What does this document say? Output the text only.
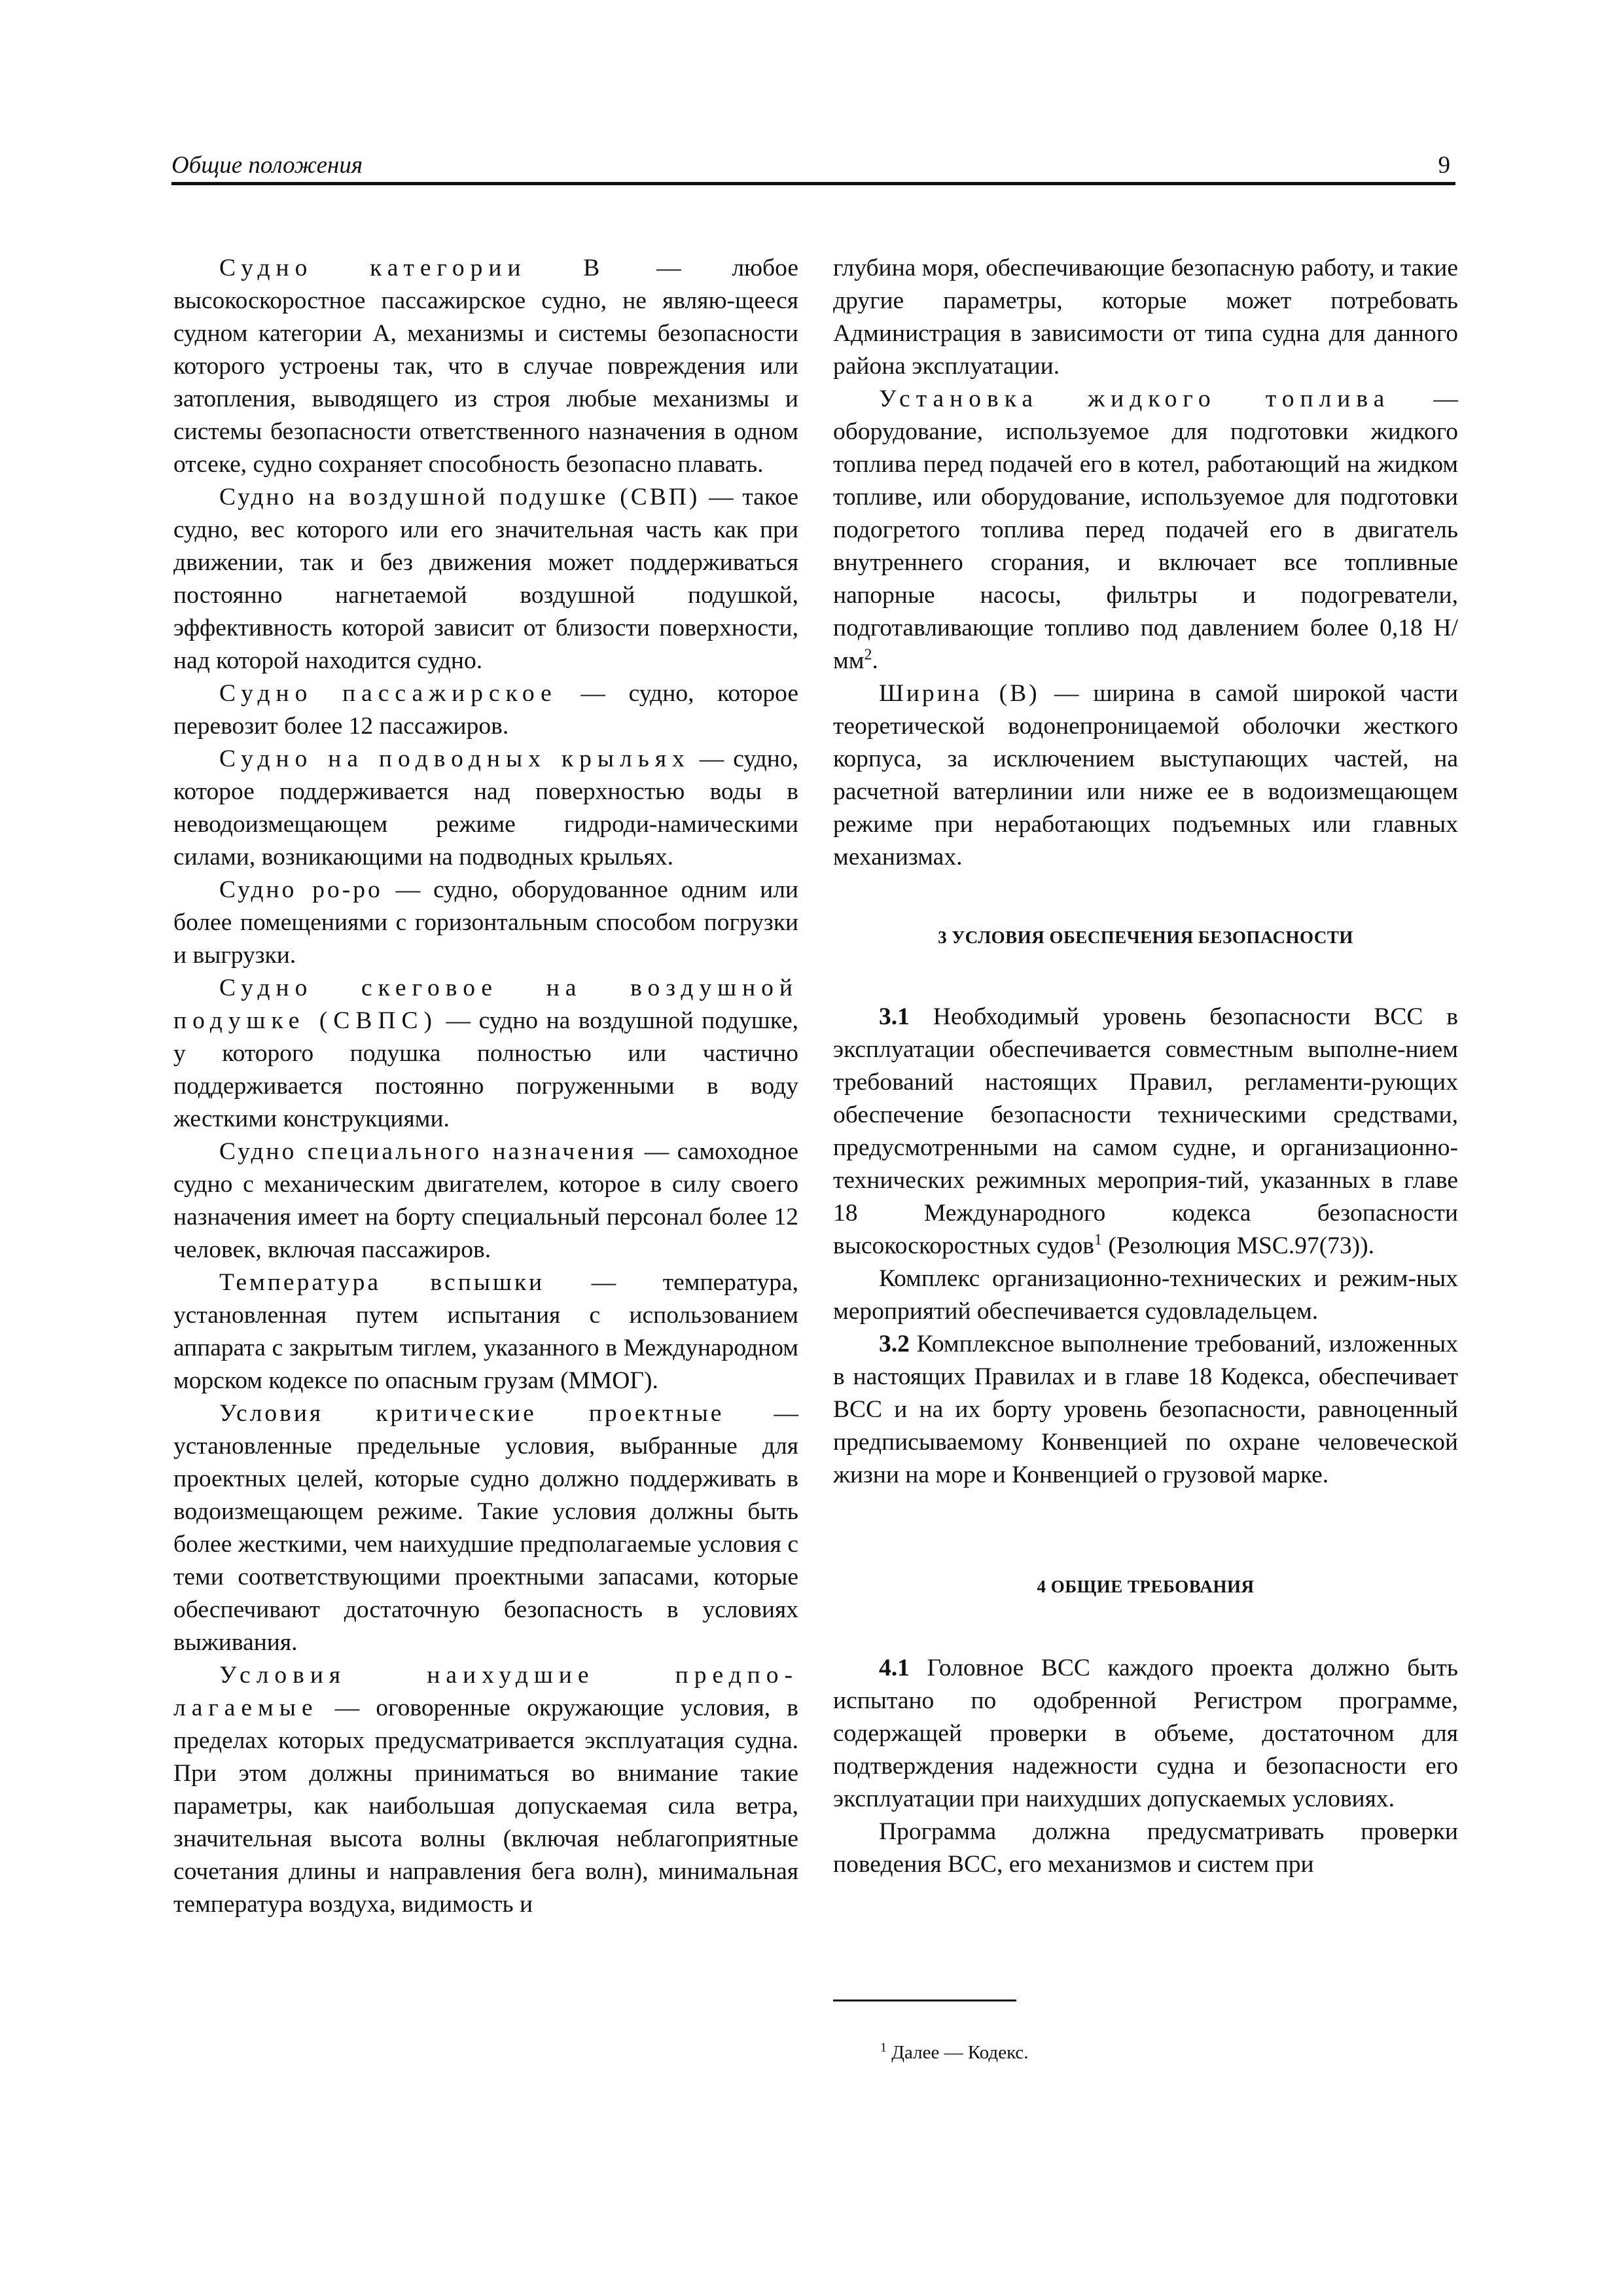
Общие положения	9

Судно категории В — любое высокоскоростное пассажирское судно, не являю-щееся судном категории А, механизмы и системы безопасности которого устроены так, что в случае повреждения или затопления, выводящего из строя любые механизмы и системы безопасности ответственного назначения в одном отсеке, судно сохраняет способность безопасно плавать.

Судно на воздушной подушке (СВП) — такое судно, вес которого или его значительная часть как при движении, так и без движения может поддерживаться постоянно нагнетаемой воздушной подушкой, эффективность которой зависит от близости поверхности, над которой находится судно.

Судно пассажирское — судно, которое перевозит более 12 пассажиров.

Судно на подводных крыльях — судно, которое поддерживается над поверхностью воды в неводоизмещающем режиме гидроди-намическими силами, возникающими на подводных крыльях.

Судно ро-ро — судно, оборудованное одним или более помещениями с горизонтальным способом погрузки и выгрузки.

Судно скеговое на воздушной подушке (СВПС) — судно на воздушной подушке, у которого подушка полностью или частично поддерживается постоянно погруженными в воду жесткими конструкциями.

Судно специального назначения — самоходное судно с механическим двигателем, которое в силу своего назначения имеет на борту специальный персонал более 12 человек, включая пассажиров.

Температура вспышки — температура, установленная путем испытания с использованием аппарата с закрытым тиглем, указанного в Международном морском кодексе по опасным грузам (ММОГ).

Условия критические проектные — установленные предельные условия, выбранные для проектных целей, которые судно должно поддерживать в водоизмещающем режиме. Такие условия должны быть более жесткими, чем наихудшие предполагаемые условия с теми соответствующими проектными запасами, которые обеспечивают достаточную безопасность в условиях выживания.

Условия наихудшие предпо-лагаемые — оговоренные окружающие условия, в пределах которых предусматривается эксплуатация судна. При этом должны приниматься во внимание такие параметры, как наибольшая допускаемая сила ветра, значительная высота волны (включая неблагоприятные сочетания длины и направления бега волн), минимальная температура воздуха, видимость и

глубина моря, обеспечивающие безопасную работу, и такие другие параметры, которые может потребовать Администрация в зависимости от типа судна для данного района эксплуатации.

Установка жидкого топлива — оборудование, используемое для подготовки жидкого топлива перед подачей его в котел, работающий на жидком топливе, или оборудование, используемое для подготовки подогретого топлива перед подачей его в двигатель внутреннего сгорания, и включает все топливные напорные насосы, фильтры и подогреватели, подготавливающие топливо под давлением более 0,18 $Н/мм^2$.

Ширина (В) — ширина в самой широкой части теоретической водонепроницаемой оболочки жесткого корпуса, за исключением выступающих частей, на расчетной ватерлинии или ниже ее в водоизмещающем режиме при неработающих подъемных или главных механизмах.

3 УСЛОВИЯ ОБЕСПЕЧЕНИЯ БЕЗОПАСНОСТИ

3.1 Необходимый уровень безопасности ВСС в эксплуатации обеспечивается совместным выполне-нием требований настоящих Правил, регламенти-рующих обеспечение безопасности техническими средствами, предусмотренными на самом судне, и организационно-технических режимных мероприя-тий, указанных в главе 18 Международного кодекса безопасности высокоскоростных судов$^1$ (Резолюция MSC.97(73)).

Комплекс организационно-технических и режим-ных мероприятий обеспечивается судовладельцем.

3.2 Комплексное выполнение требований, изложенных в настоящих Правилах и в главе 18 Кодекса, обеспечивает ВСС и на их борту уровень безопасности, равноценный предписываемому Конвенцией по охране человеческой жизни на море и Конвенцией о грузовой марке.

4 ОБЩИЕ ТРЕБОВАНИЯ

4.1 Головное ВСС каждого проекта должно быть испытано по одобренной Регистром программе, содержащей проверки в объеме, достаточном для подтверждения надежности судна и безопасности его эксплуатации при наихудших допускаемых условиях.

Программа должна предусматривать проверки поведения ВСС, его механизмов и систем при

$^1$ Далее — Кодекс.
